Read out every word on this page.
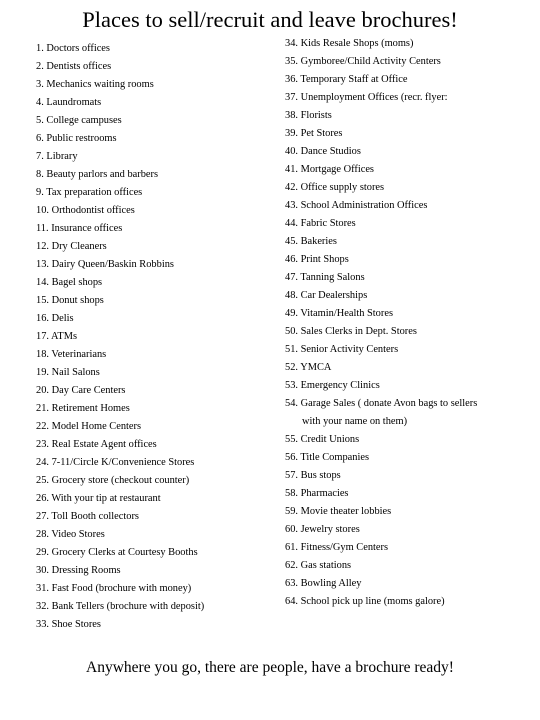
Places to sell/recruit and leave brochures!
1. Doctors offices
2. Dentists offices
3. Mechanics waiting rooms
4. Laundromats
5. College campuses
6. Public restrooms
7. Library
8. Beauty parlors and barbers
9. Tax preparation offices
10. Orthodontist offices
11. Insurance offices
12. Dry Cleaners
13. Dairy Queen/Baskin Robbins
14. Bagel shops
15. Donut shops
16. Delis
17. ATMs
18. Veterinarians
19. Nail Salons
20. Day Care Centers
21. Retirement Homes
22. Model Home Centers
23. Real Estate Agent offices
24. 7-11/Circle K/Convenience Stores
25. Grocery store (checkout counter)
26. With your tip at restaurant
27. Toll Booth collectors
28. Video Stores
29. Grocery Clerks at Courtesy Booths
30. Dressing Rooms
31. Fast Food (brochure with money)
32. Bank Tellers (brochure with deposit)
33. Shoe Stores
34. Kids Resale Shops (moms)
35. Gymboree/Child Activity Centers
36. Temporary Staff at Office
37. Unemployment Offices (recr. flyer:
38. Florists
39. Pet Stores
40. Dance Studios
41. Mortgage Offices
42. Office supply stores
43. School Administration Offices
44. Fabric Stores
45. Bakeries
46. Print Shops
47. Tanning Salons
48. Car Dealerships
49. Vitamin/Health Stores
50. Sales Clerks in Dept. Stores
51. Senior Activity Centers
52. YMCA
53. Emergency Clinics
54. Garage Sales ( donate Avon bags to sellers
with your name on them)
55. Credit Unions
56. Title Companies
57. Bus stops
58. Pharmacies
59. Movie theater lobbies
60. Jewelry stores
61. Fitness/Gym Centers
62. Gas stations
63. Bowling Alley
64. School pick up line (moms galore)
Anywhere you go, there are people, have a brochure ready!
